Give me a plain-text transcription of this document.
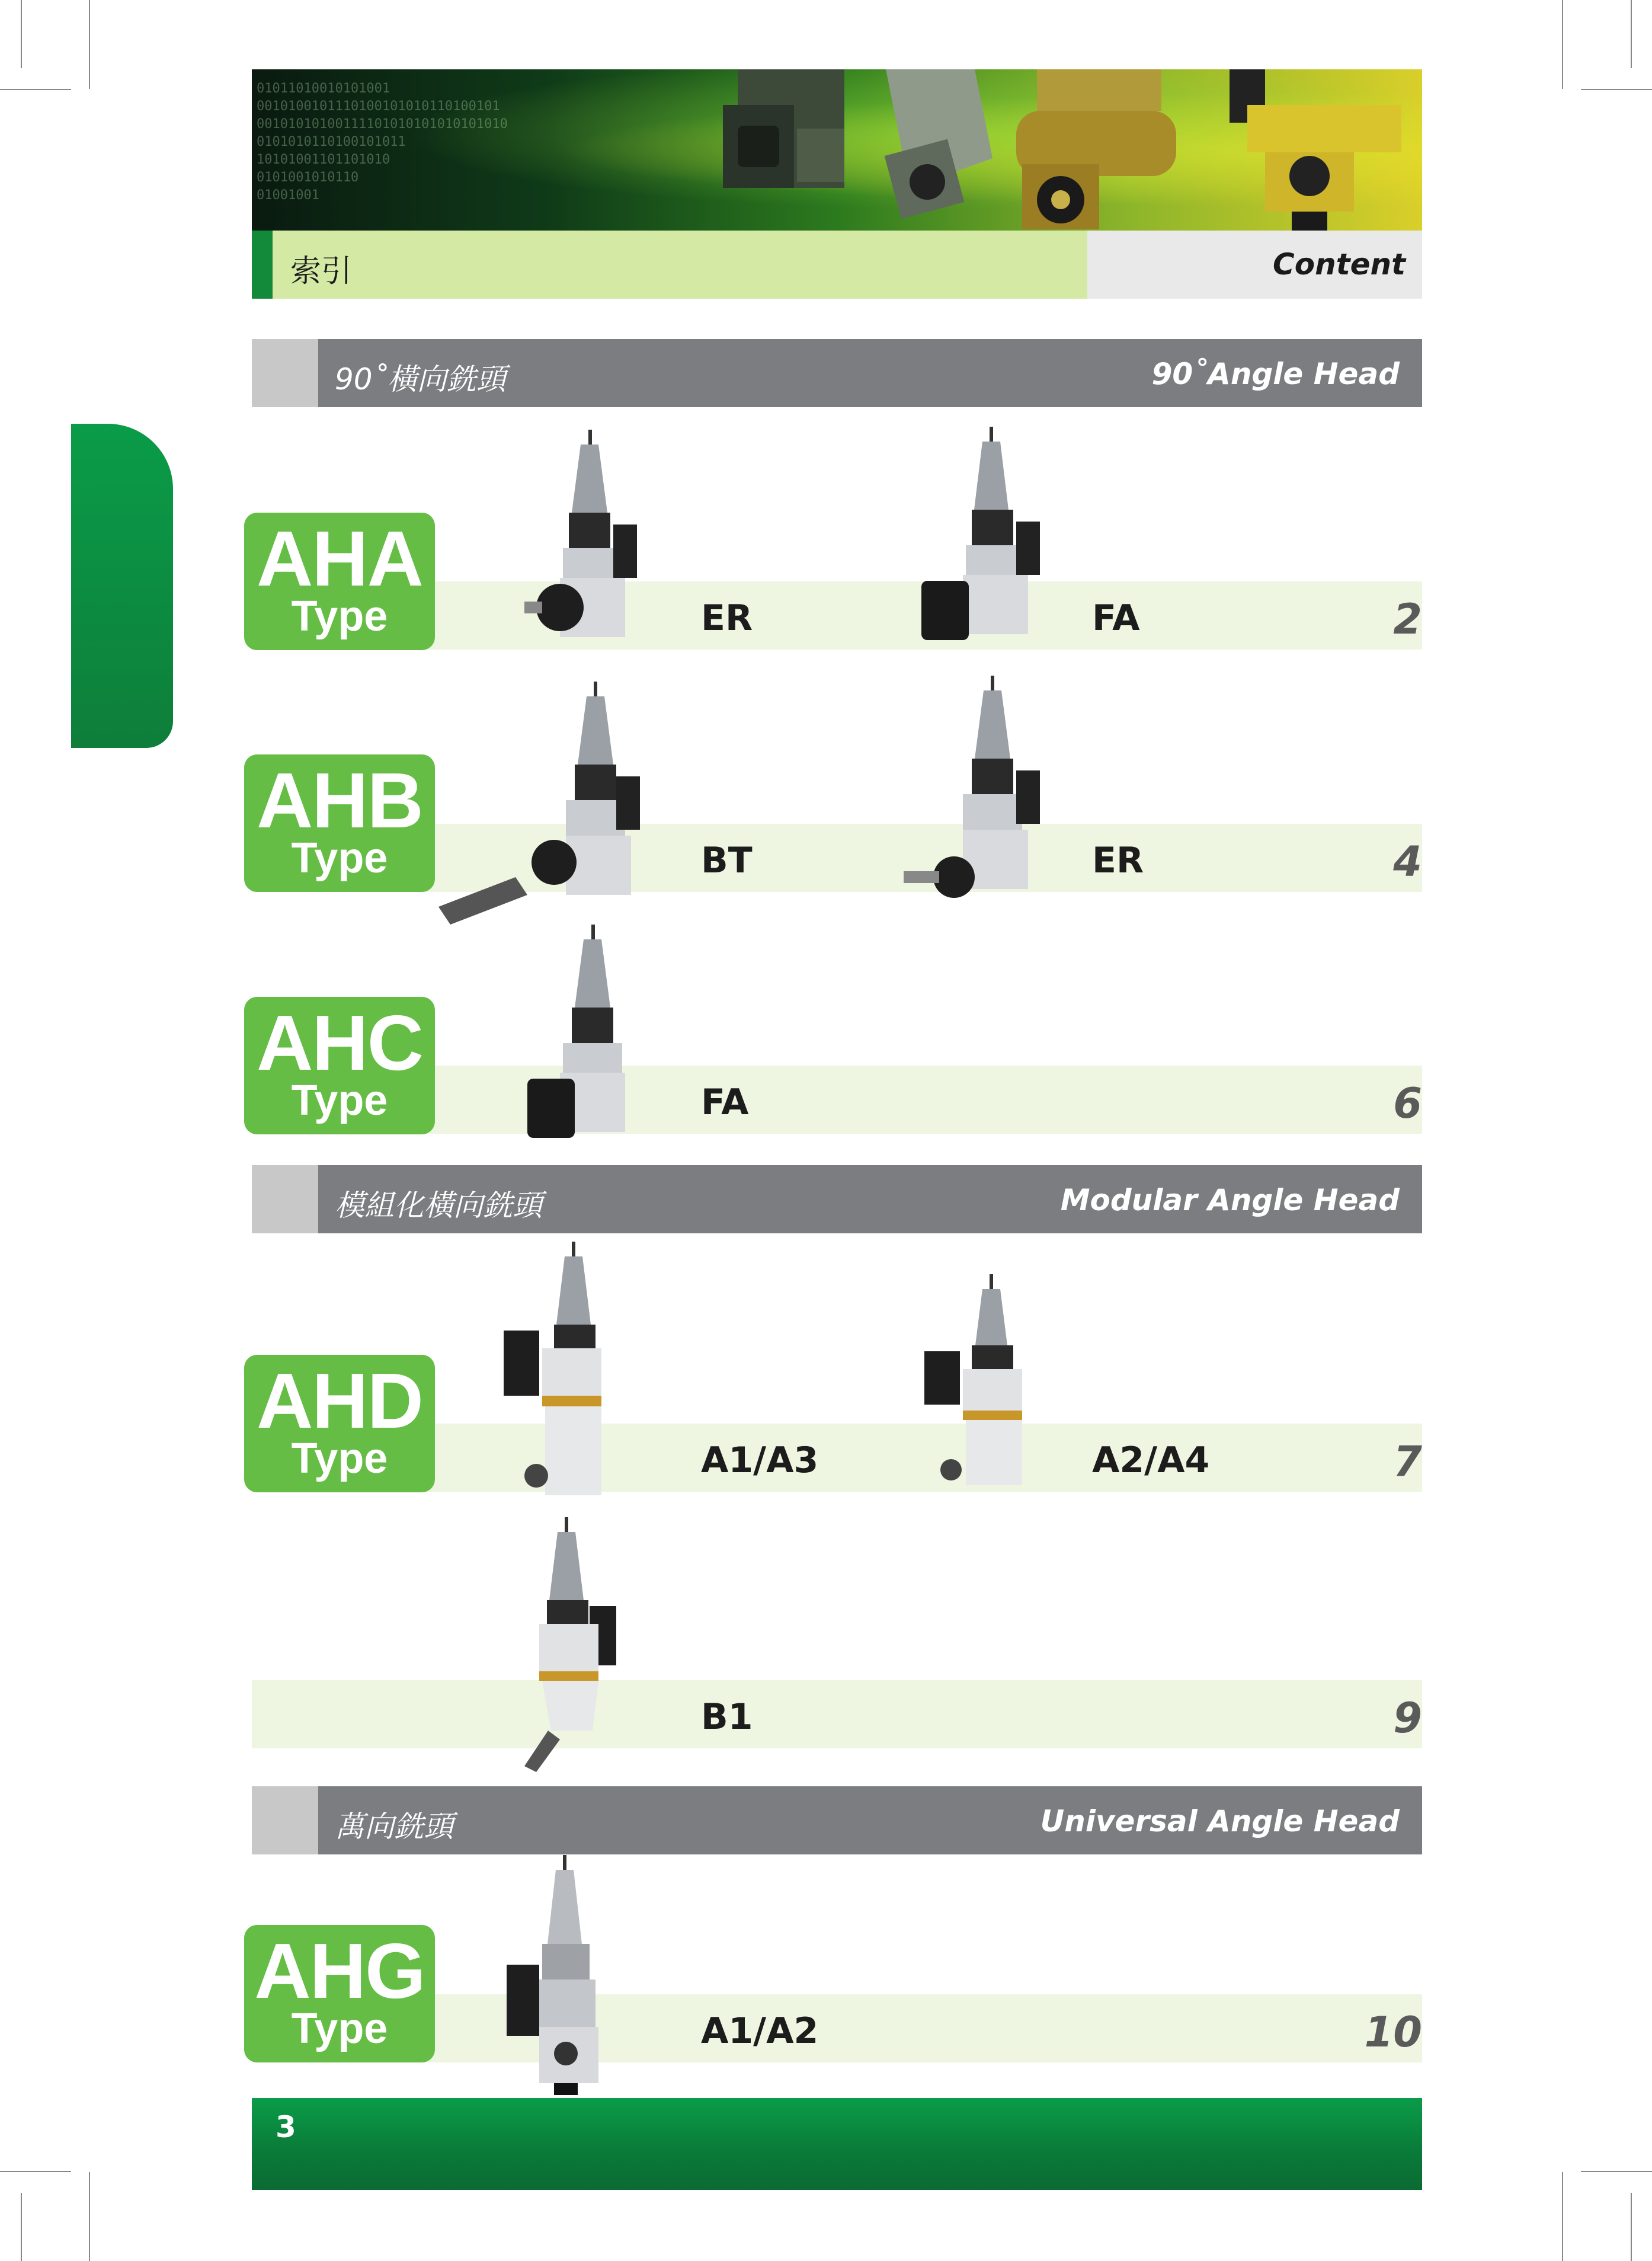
01011010010101001
0010100101110100101010110100101
00101010100111101010101010101010
0101010110100101011
10101001101101010
0101001010110
01001001
索引	Content
90˚橫向銑頭	90˚Angle Head
AHA
Type	ER	FA	2
AHB
Type	BT	ER	4
AHC
Type	FA	6
模組化橫向銑頭	Modular Angle Head
AHD
Type	A1/A3	A2/A4	7
B1	9
萬向銑頭	Universal Angle Head
AHG
Type	A1/A2	10
3
